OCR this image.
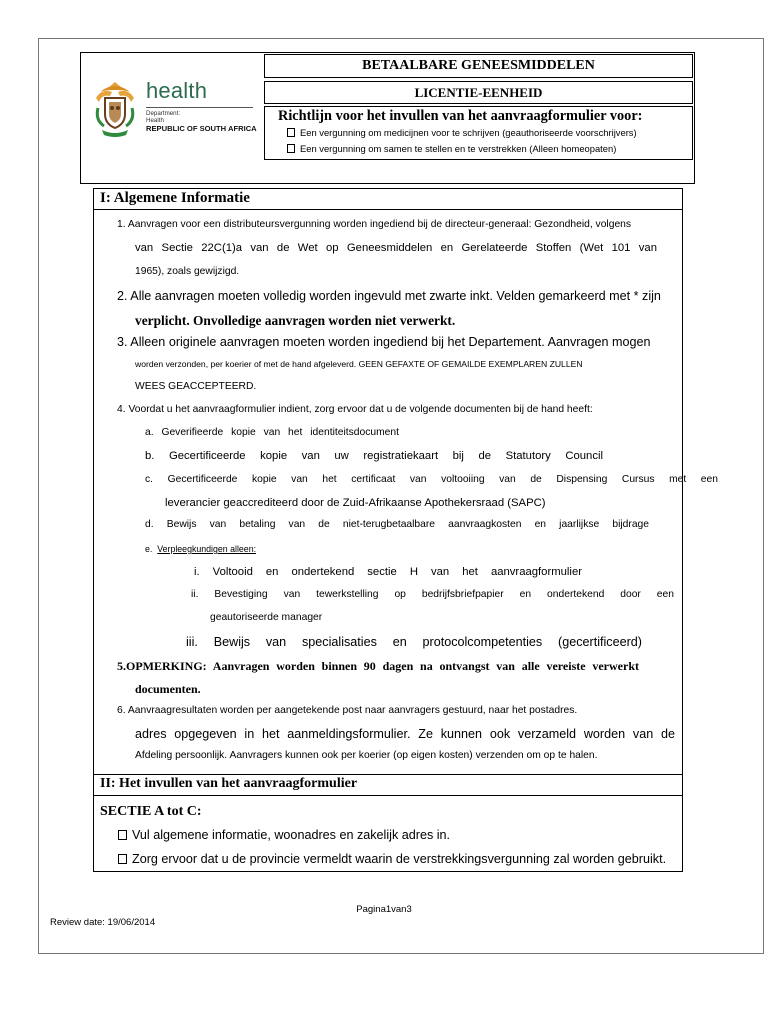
health
Department:
Health
REPUBLIC OF SOUTH AFRICA
BETAALBARE GENEESMIDDELEN
LICENTIE-EENHEID
Richtlijn voor het invullen van het aanvraagformulier voor:
Een vergunning om medicijnen voor te schrijven (geauthoriseerde voorschrijvers)
Een vergunning om samen te stellen en te verstrekken (Alleen homeopaten)
I: Algemene Informatie
1. Aanvragen voor een distributeursvergunning worden ingediend bij de directeur-generaal: Gezondheid, volgens
van Sectie 22C(1)a van de Wet op Geneesmiddelen en Gerelateerde Stoffen (Wet 101 van
1965), zoals gewijzigd.
2. Alle aanvragen moeten volledig worden ingevuld met zwarte inkt. Velden gemarkeerd met * zijn
verplicht. Onvolledige aanvragen worden niet verwerkt.
3. Alleen originele aanvragen moeten worden ingediend bij het Departement. Aanvragen mogen
worden verzonden, per koerier of met de hand afgeleverd. GEEN GEFAXTE OF GEMAILDE EXEMPLAREN ZULLEN
WEES GEACCEPTEERD.
4. Voordat u het aanvraagformulier indient, zorg ervoor dat u de volgende documenten bij de hand heeft:
a. Geverifieerde kopie van het identiteitsdocument
b. Gecertificeerde kopie van uw registratiekaart bij de Statutory Council
c. Gecertificeerde kopie van het certificaat van voltooiing van de Dispensing Cursus met een
leverancier geaccrediteerd door de Zuid-Afrikaanse Apothekersraad (SAPC)
d. Bewijs van betaling van de niet-terugbetaalbare aanvraagkosten en jaarlijkse bijdrage
e. Verpleegkundigen alleen:
i. Voltooid en ondertekend sectie H van het aanvraagformulier
ii. Bevestiging van tewerkstelling op bedrijfsbriefpapier en ondertekend door een
geautoriseerde manager
iii. Bewijs van specialisaties en protocolcompetenties (gecertificeerd)
5.OPMERKING: Aanvragen worden binnen 90 dagen na ontvangst van alle vereiste verwerkt
documenten.
6. Aanvraagresultaten worden per aangetekende post naar aanvragers gestuurd, naar het postadres.
adres opgegeven in het aanmeldingsformulier. Ze kunnen ook verzameld worden van de
Afdeling persoonlijk. Aanvragers kunnen ook per koerier (op eigen kosten) verzenden om op te halen.
II: Het invullen van het aanvraagformulier
SECTIE A tot C:
Vul algemene informatie, woonadres en zakelijk adres in.
Zorg ervoor dat u de provincie vermeldt waarin de verstrekkingsvergunning zal worden gebruikt.
Pagina1van3
Review date: 19/06/2014
